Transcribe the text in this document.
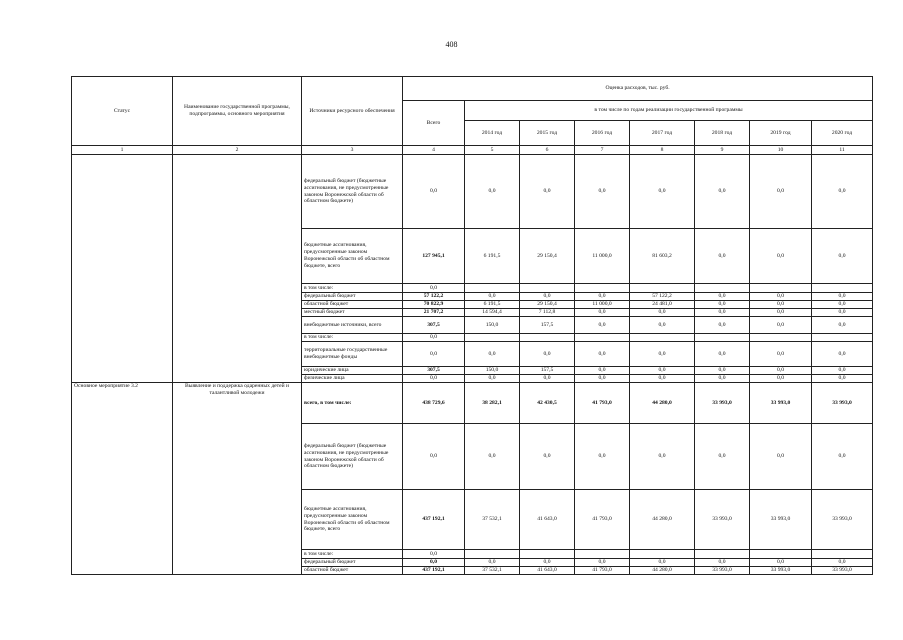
408
Статус	Наименование государственной программы, подпрограммы, основного мероприятия	Источники ресурсного обеспечения	Оценка расходов, тыс. руб.							
			Всего	в том числе по годам реализации государственной программы						
				2014 год	2015 год	2016 год	2017 год	2018 год	2019 год	2020 год
1	2	3	4	5	6	7	8	9	10	11
		федеральный бюджет (бюджетные ассигнования, не предусмотренные законом Воронежской области об областном бюджете)	0,0	0,0	0,0	0,0	0,0	0,0	0,0	0,0
		бюджетные ассигнования, предусмотренные законом Воронежской области об областном бюджете, всего	127 945,1	6 191,5	29 150,4	11 000,0	81 603,2	0,0	0,0	0,0
		в том числе:	0,0							
		федеральный бюджет	57 122,2	0,0	0,0	0,0	57 122,2	0,0	0,0	0,0
		областной бюджет	70 822,9	6 191,5	29 150,4	11 000,0	24 481,0	0,0	0,0	0,0
		местный бюджет	21 707,2	14 594,4	7 112,8	0,0	0,0	0,0	0,0	0,0
		внебюджетные источники, всего	307,5	150,0	157,5	0,0	0,0	0,0	0,0	0,0
		в том числе:	0,0							
		территориальные государственные внебюджетные фонды	0,0	0,0	0,0	0,0	0,0	0,0	0,0	0,0
		юридические лица	307,5	150,0	157,5	0,0	0,0	0,0	0,0	0,0
		физические лица	0,0	0,0	0,0	0,0	0,0	0,0	0,0	0,0
Основное мероприятие 3.2	Выявление и поддержка одаренных детей и талантливой молодежи	всего, в том числе:	438 729,6	38 282,1	42 430,5	41 793,0	44 280,0	33 993,0	33 993,0	33 993,0
		федеральный бюджет (бюджетные ассигнования, не предусмотренные законом Воронежской области об областном бюджете)	0,0	0,0	0,0	0,0	0,0	0,0	0,0	0,0
		бюджетные ассигнования, предусмотренные законом Воронежской области об областном бюджете, всего	437 192,1	37 532,1	41 643,0	41 793,0	44 280,0	33 993,0	33 993,0	33 993,0
		в том числе:	0,0							
		федеральный бюджет	0,0	0,0	0,0	0,0	0,0	0,0	0,0	0,0
		областной бюджет	437 192,1	37 532,1	41 643,0	41 793,0	44 280,0	33 993,0	33 993,0	33 993,0
